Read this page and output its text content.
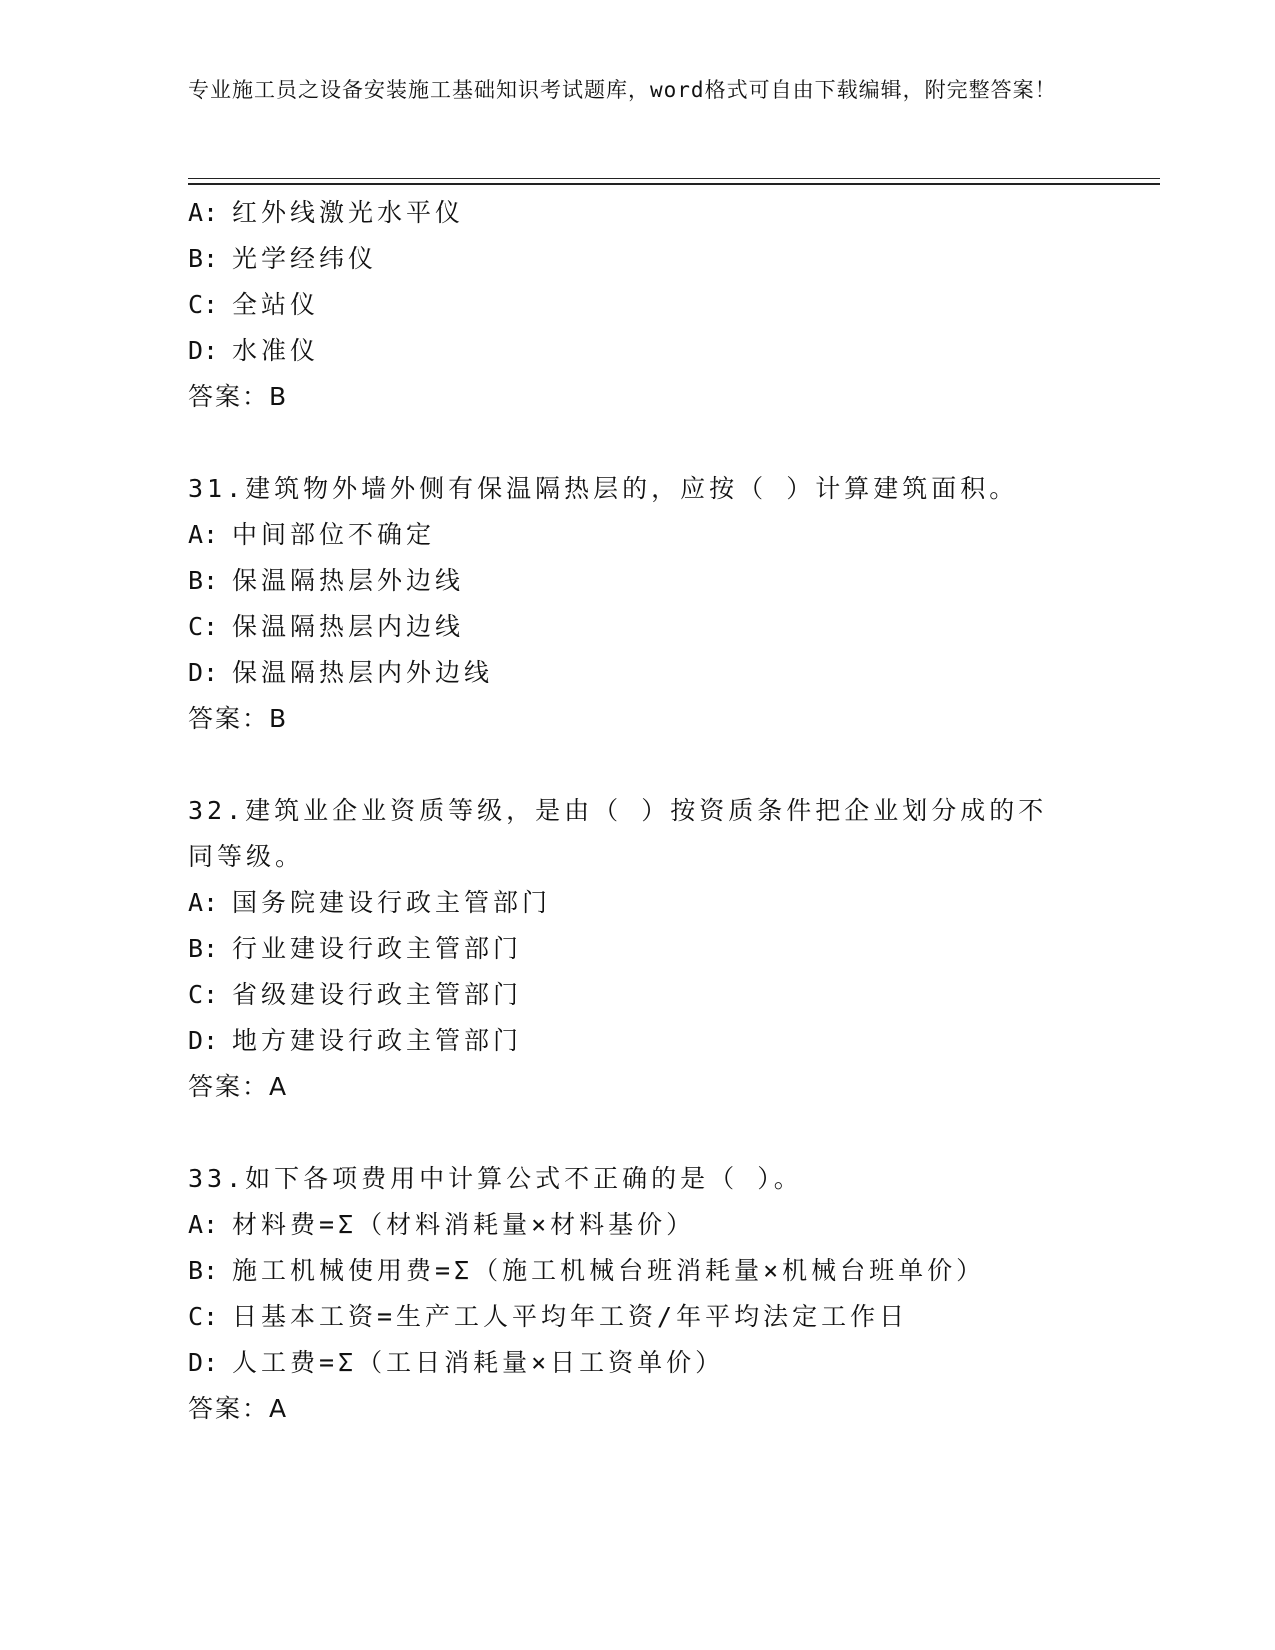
专业施工员之设备安装施工基础知识考试题库，word格式可自由下载编辑，附完整答案！
A: 红外线激光水平仪
B: 光学经纬仪
C: 全站仪
D: 水准仪
答案：B
31.建筑物外墙外侧有保温隔热层的，应按（ ）计算建筑面积。
A: 中间部位不确定
B: 保温隔热层外边线
C: 保温隔热层内边线
D: 保温隔热层内外边线
答案：B
32.建筑业企业资质等级，是由（ ）按资质条件把企业划分成的不同等级。
A: 国务院建设行政主管部门
B: 行业建设行政主管部门
C: 省级建设行政主管部门
D: 地方建设行政主管部门
答案：A
33.如下各项费用中计算公式不正确的是（ ）。
A: 材料费=Σ（材料消耗量×材料基价）
B: 施工机械使用费=Σ（施工机械台班消耗量×机械台班单价）
C: 日基本工资=生产工人平均年工资/年平均法定工作日
D: 人工费=Σ（工日消耗量×日工资单价）
答案：A
